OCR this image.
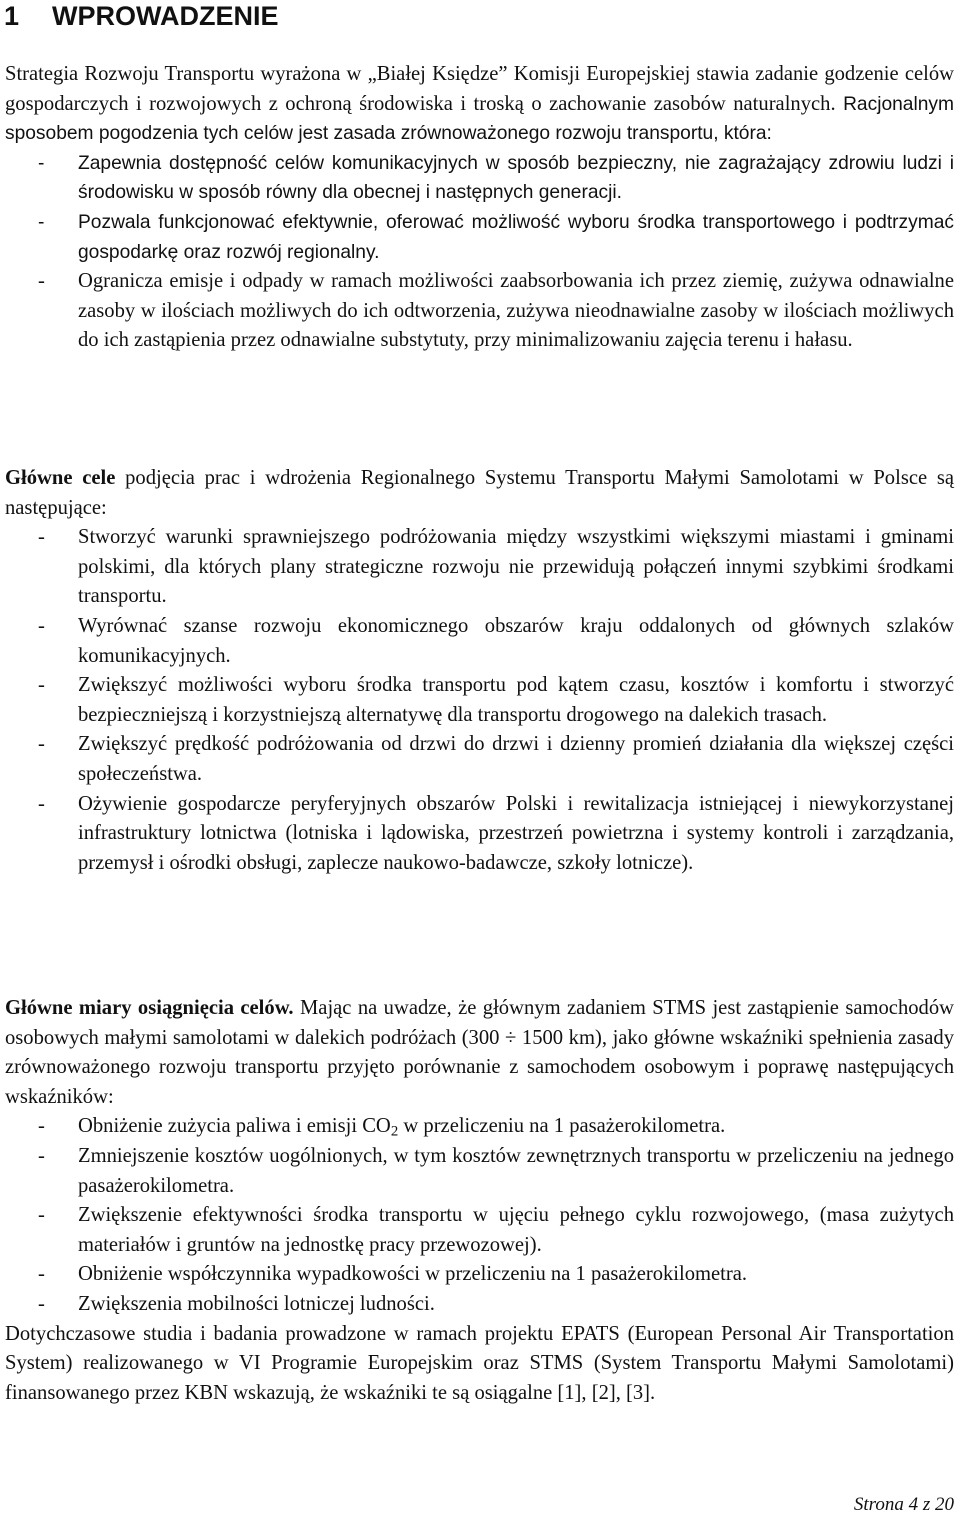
1 WPROWADZENIE

Strategia Rozwoju Transportu wyrażona w „Białej Księdze” Komisji Europejskiej stawia zadanie godzenie celów gospodarczych i rozwojowych z ochroną środowiska i troską o zachowanie zasobów naturalnych. Racjonalnym sposobem pogodzenia tych celów jest zasada zrównoważonego rozwoju transportu, która:

- Zapewnia dostępność celów komunikacyjnych w sposób bezpieczny, nie zagrażający zdrowiu ludzi i środowisku w sposób równy dla obecnej i następnych generacji.
- Pozwala funkcjonować efektywnie, oferować możliwość wyboru środka transportowego i podtrzymać gospodarkę oraz rozwój regionalny.
- Ogranicza emisje i odpady w ramach możliwości zaabsorbowania ich przez ziemię, zużywa odnawialne zasoby w ilościach możliwych do ich odtworzenia, zużywa nieodnawialne zasoby w ilościach możliwych do ich zastąpienia przez odnawialne substytuty, przy minimalizowaniu zajęcia terenu i hałasu.

Główne cele podjęcia prac i wdrożenia Regionalnego Systemu Transportu Małymi Samolotami w Polsce są następujące:

- Stworzyć warunki sprawniejszego podróżowania między wszystkimi większymi miastami i gminami polskimi, dla których plany strategiczne rozwoju nie przewidują połączeń innymi szybkimi środkami transportu.
- Wyrównać szanse rozwoju ekonomicznego obszarów kraju oddalonych od głównych szlaków komunikacyjnych.
- Zwiększyć możliwości wyboru środka transportu pod kątem czasu, kosztów i komfortu i stworzyć bezpieczniejszą i korzystniejszą alternatywę dla transportu drogowego na dalekich trasach.
- Zwiększyć prędkość podróżowania od drzwi do drzwi i dzienny promień działania dla większej części społeczeństwa.
- Ożywienie gospodarcze peryferyjnych obszarów Polski i rewitalizacja istniejącej i niewykorzystanej infrastruktury lotnictwa (lotniska i lądowiska, przestrzeń powietrzna i systemy kontroli i zarządzania, przemysł i ośrodki obsługi, zaplecze naukowo-badawcze, szkoły lotnicze).

Główne miary osiągnięcia celów. Mając na uwadze, że głównym zadaniem STMS jest zastąpienie samochodów osobowych małymi samolotami w dalekich podróżach (300 ÷ 1500 km), jako główne wskaźniki spełnienia zasady zrównoważonego rozwoju transportu przyjęto porównanie z samochodem osobowym i poprawę następujących wskaźników:

- Obniżenie zużycia paliwa i emisji $CO_2$ w przeliczeniu na 1 pasażerokilometra.
- Zmniejszenie kosztów uogólnionych, w tym kosztów zewnętrznych transportu w przeliczeniu na jednego pasażerokilometra.
- Zwiększenie efektywności środka transportu w ujęciu pełnego cyklu rozwojowego, (masa zużytych materiałów i gruntów na jednostkę pracy przewozowej).
- Obniżenie współczynnika wypadkowości w przeliczeniu na 1 pasażerokilometra.
- Zwiększenia mobilności lotniczej ludności.

Dotychczasowe studia i badania prowadzone w ramach projektu EPATS (European Personal Air Transportation System) realizowanego w VI Programie Europejskim oraz STMS (System Transportu Małymi Samolotami) finansowanego przez KBN wskazują, że wskaźniki te są osiągalne [1], [2], [3].

Strona 4 z 20
